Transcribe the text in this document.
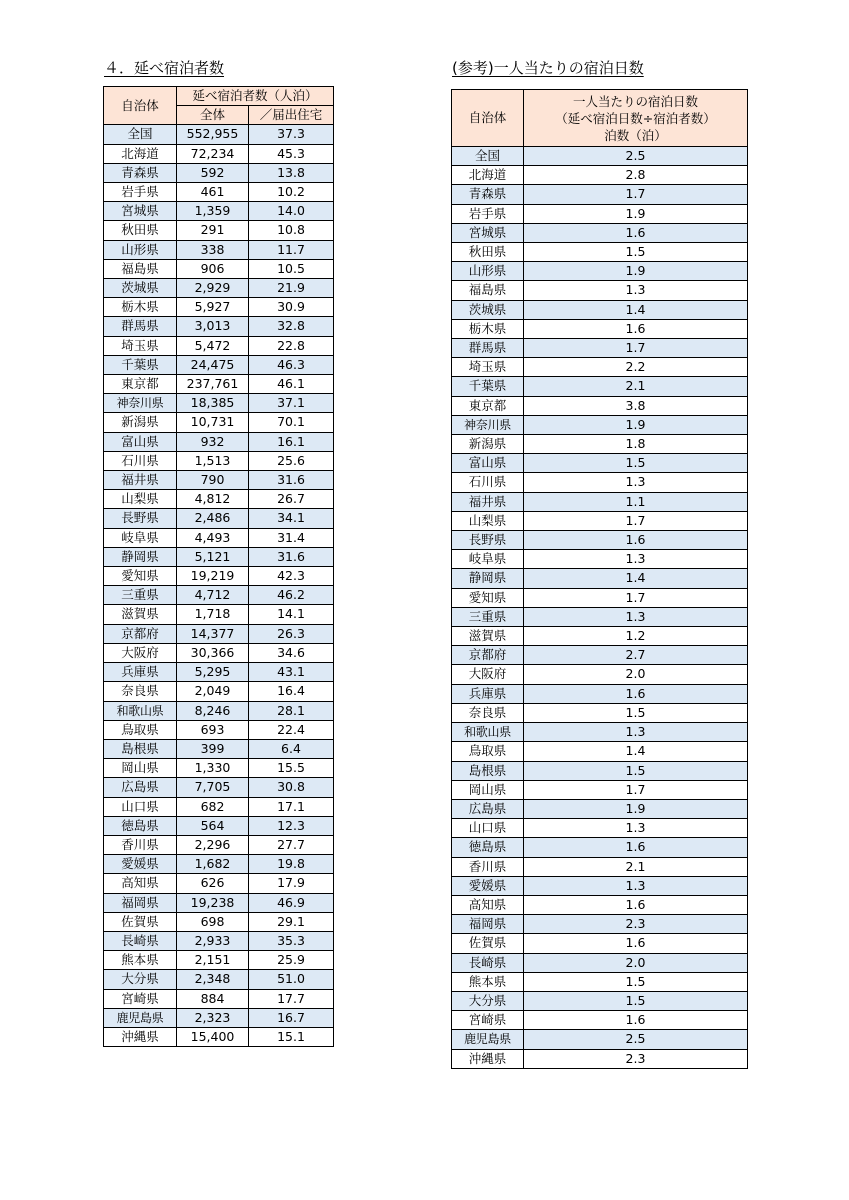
４．延べ宿泊者数	(参考)一人当たりの宿泊日数
自治体	延べ宿泊者数（人泊）	
	全体	／届出住宅
全国	552,955	37.3
北海道	72,234	45.3
青森県	592	13.8
岩手県	461	10.2
宮城県	1,359	14.0
秋田県	291	10.8
山形県	338	11.7
福島県	906	10.5
茨城県	2,929	21.9
栃木県	5,927	30.9
群馬県	3,013	32.8
埼玉県	5,472	22.8
千葉県	24,475	46.3
東京都	237,761	46.1
神奈川県	18,385	37.1
新潟県	10,731	70.1
富山県	932	16.1
石川県	1,513	25.6
福井県	790	31.6
山梨県	4,812	26.7
長野県	2,486	34.1
岐阜県	4,493	31.4
静岡県	5,121	31.6
愛知県	19,219	42.3
三重県	4,712	46.2
滋賀県	1,718	14.1
京都府	14,377	26.3
大阪府	30,366	34.6
兵庫県	5,295	43.1
奈良県	2,049	16.4
和歌山県	8,246	28.1
鳥取県	693	22.4
島根県	399	6.4
岡山県	1,330	15.5
広島県	7,705	30.8
山口県	682	17.1
徳島県	564	12.3
香川県	2,296	27.7
愛媛県	1,682	19.8
高知県	626	17.9
福岡県	19,238	46.9
佐賀県	698	29.1
長崎県	2,933	35.3
熊本県	2,151	25.9
大分県	2,348	51.0
宮崎県	884	17.7
鹿児島県	2,323	16.7
沖縄県	15,400	15.1
自治体	一人当たりの宿泊日数
（延べ宿泊日数÷宿泊者数）
泊数（泊）

全国	2.5
北海道	2.8
青森県	1.7
岩手県	1.9
宮城県	1.6
秋田県	1.5
山形県	1.9
福島県	1.3
茨城県	1.4
栃木県	1.6
群馬県	1.7
埼玉県	2.2
千葉県	2.1
東京都	3.8
神奈川県	1.9
新潟県	1.8
富山県	1.5
石川県	1.3
福井県	1.1
山梨県	1.7
長野県	1.6
岐阜県	1.3
静岡県	1.4
愛知県	1.7
三重県	1.3
滋賀県	1.2
京都府	2.7
大阪府	2.0
兵庫県	1.6
奈良県	1.5
和歌山県	1.3
鳥取県	1.4
島根県	1.5
岡山県	1.7
広島県	1.9
山口県	1.3
徳島県	1.6
香川県	2.1
愛媛県	1.3
高知県	1.6
福岡県	2.3
佐賀県	1.6
長崎県	2.0
熊本県	1.5
大分県	1.5
宮崎県	1.6
鹿児島県	2.5
沖縄県	2.3
